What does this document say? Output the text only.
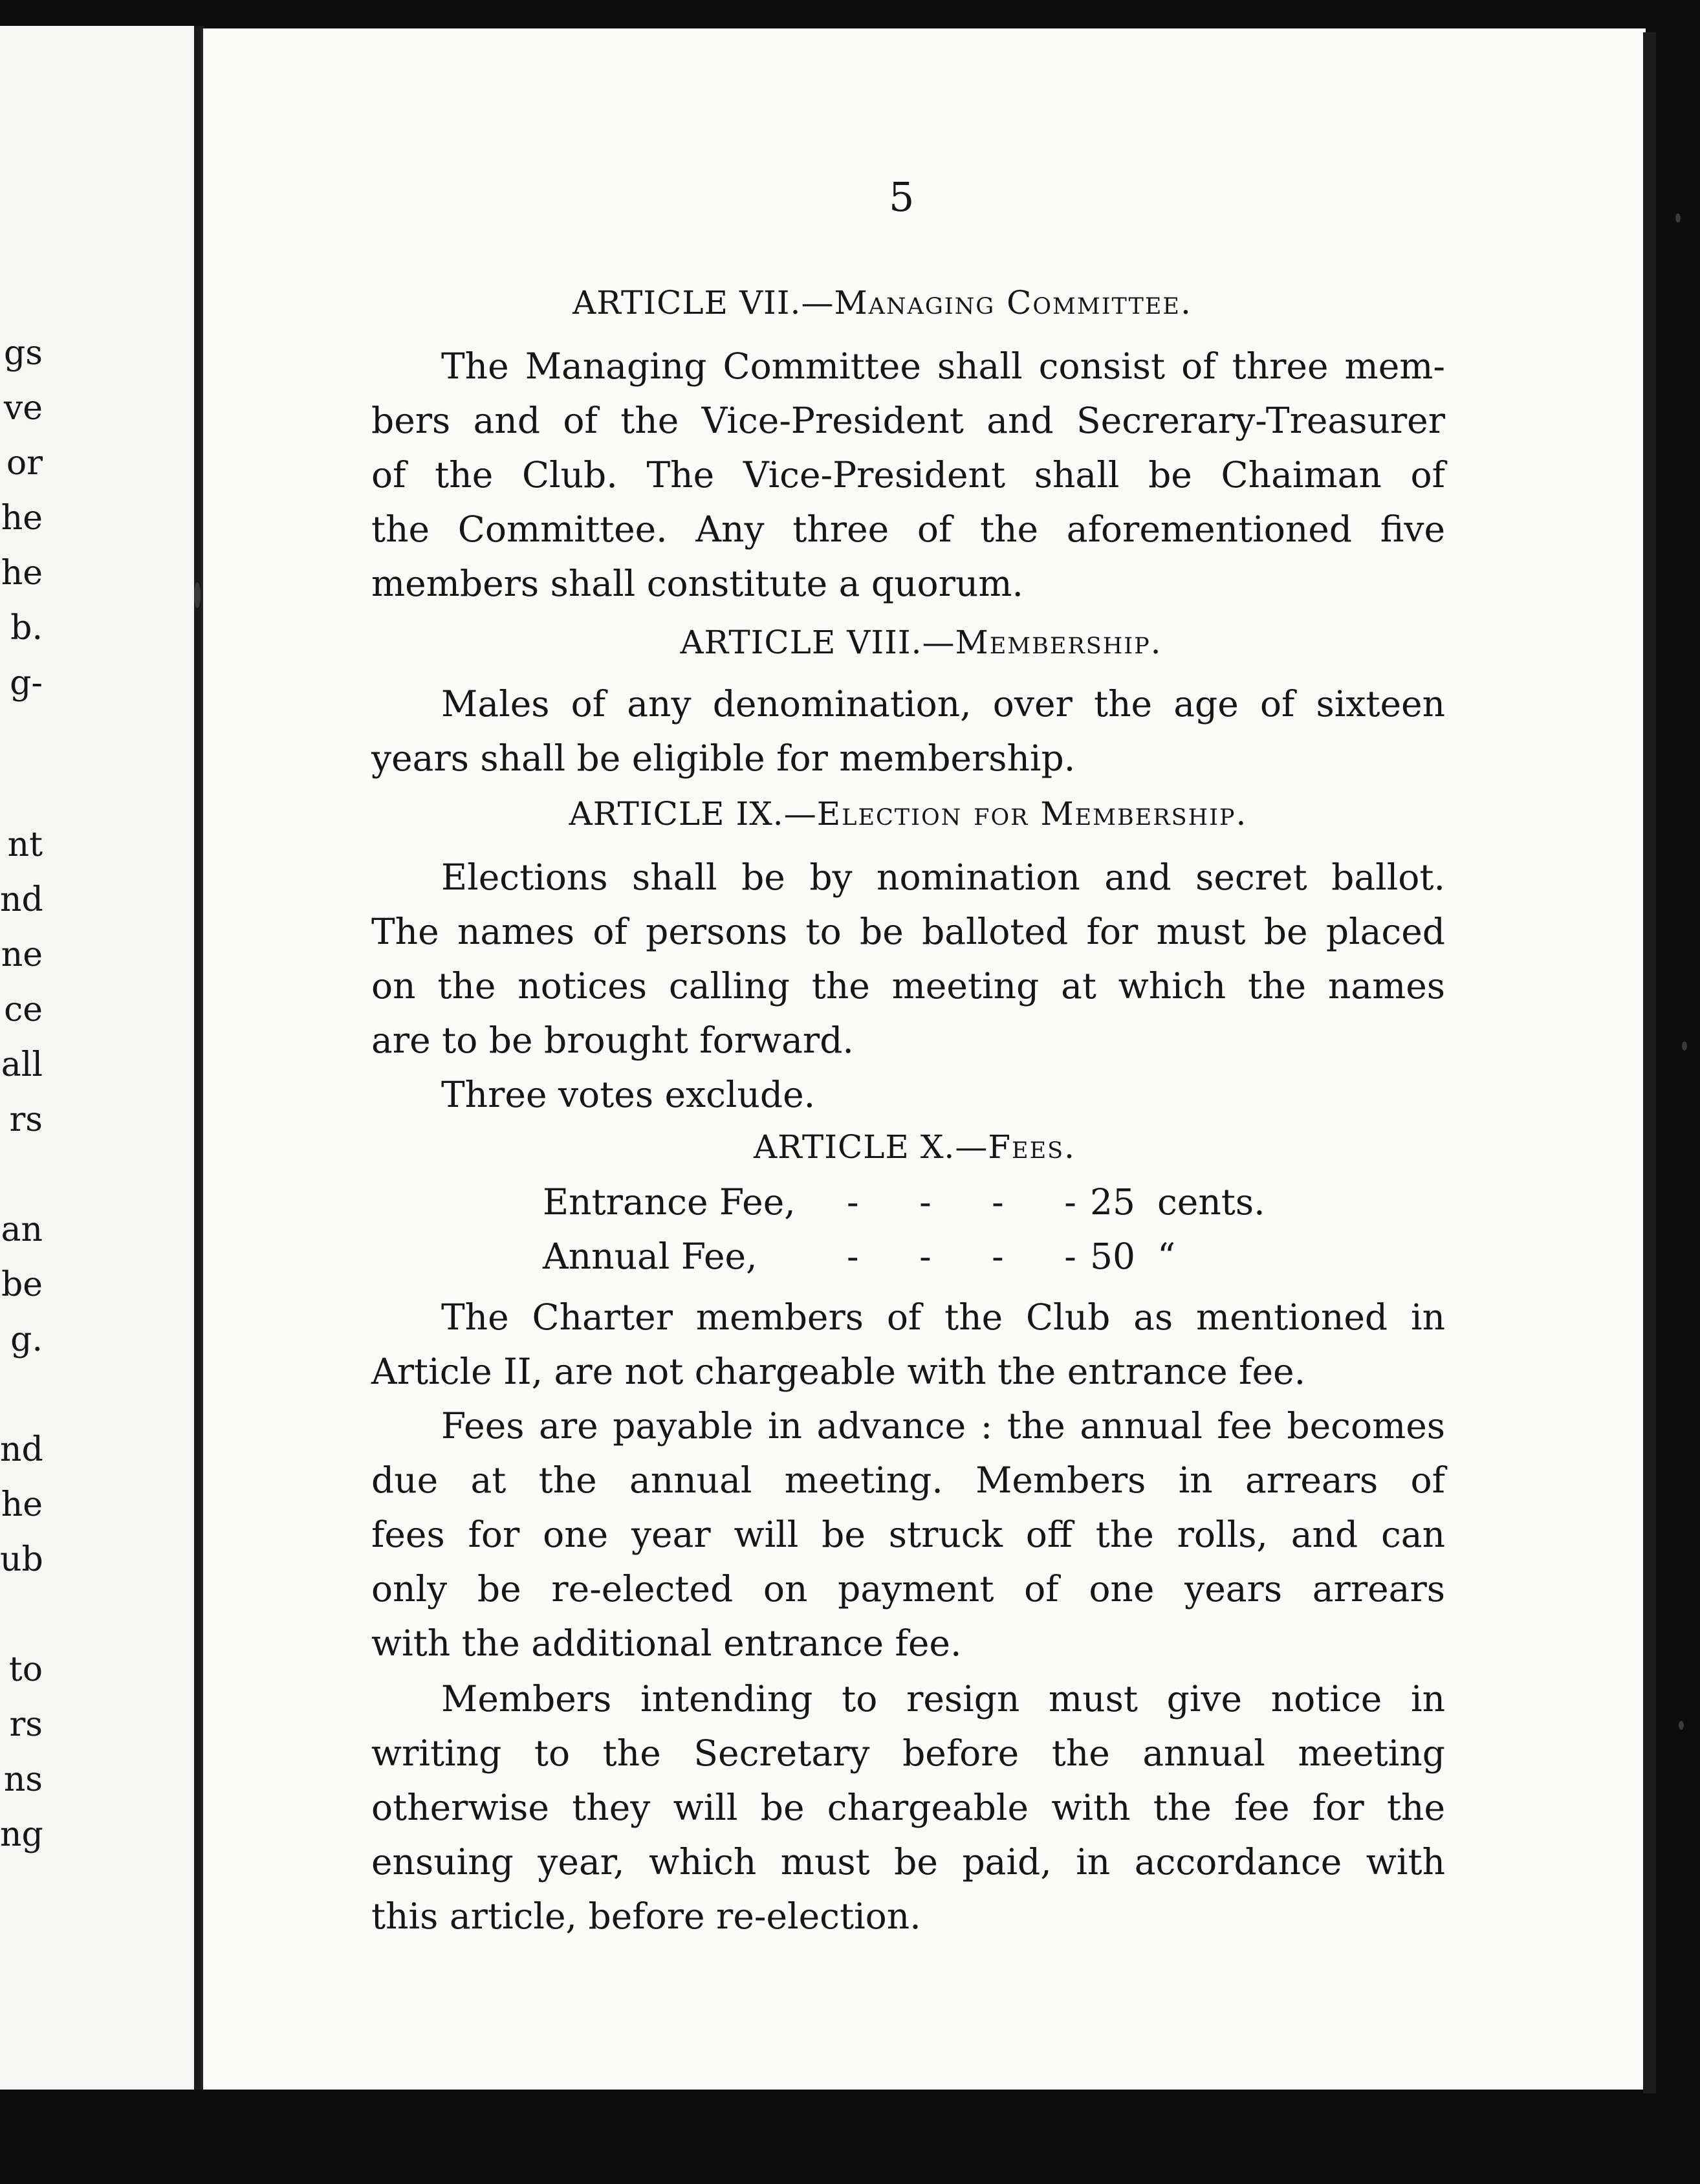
gs
ve
or
he
he
b.
g-
nt
nd
ne
ce
all
rs
an
be
g.
nd
he
ub
to
rs
ns
ng
5
ARTICLE VII.—Managing Committee.
The Managing Committee shall consist of three mem-
bers and of the Vice-President and Secrerary-Treasurer
of the Club. The Vice-President shall be Chaiman of
the Committee. Any three of the aforementioned five
members shall constitute a quorum.
ARTICLE VIII.—Membership.
Males of any denomination, over the age of sixteen
years shall be eligible for membership.
ARTICLE IX.—Election for Membership.
Elections shall be by nomination and secret ballot.
The names of persons to be balloted for must be placed
on the notices calling the meeting at which the names
are to be brought forward.
Three votes exclude.
ARTICLE X.—Fees.
Entrance Fee, - - - -
25 cents.
Annual Fee,	- - - -
50 “
The Charter members of the Club as mentioned in
Article II, are not chargeable with the entrance fee.
Fees are payable in advance : the annual fee becomes
due at the annual meeting. Members in arrears of
fees for one year will be struck off the rolls, and can
only be re-elected on payment of one years arrears
with the additional entrance fee.
Members intending to resign must give notice in
writing to the Secretary before the annual meeting
otherwise they will be chargeable with the fee for the
ensuing year, which must be paid, in accordance with
this article, before re-election.
